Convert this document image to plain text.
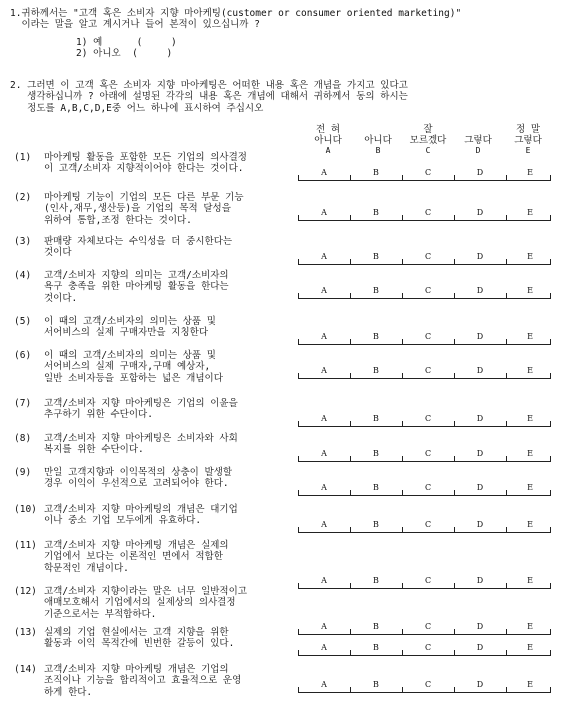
1.귀하께서는 "고객 혹은 소비자 지향 마아케팅(customer or consumer oriented marketing)"
이라는 말을 알고 계시거나 들어 본적이 있으십니까 ?
1) 예      (     )
2) 아니오  (     )
2. 그러면 이 고객 혹은 소비자 지향 마아케팅은 어떠한 내용 혹은 개념을 가지고 있다고
생각하십니까 ? 아래에 설명된 각각의 내용 혹은 개념에 대해서 귀하께서 동의 하시는
정도를 A,B,C,D,E중 어느 하나에 표시하여 주십시오
전 혀
아니다
A
아니다
B
잘
모르겠다
C
그렇다
D
정 말
그렇다
E
(1)	마아케팅 활동을 포함한 모든 기업의 의사결정
이 고객/소비자 지향적이어야 한다는 것이다.	A	B	C	D	E
(2)	마아케팅 기능이 기업의 모든 다른 부문 기능
(인사,재무,생산등)을 기업의 목적 달성을
위하여 통합,조정 한다는 것이다.
A	B	C	D	E
(3)	판매량 자체보다는 수익성을 더 중시한다는
것이다	A	B	C	D	E
(4)	고객/소비자 지향의 의미는 고객/소비자의
욕구 충족을 위한 마아케팅 활동을 한다는
것이다.
A	B	C	D	E
(5)	이 때의 고객/소비자의 의미는 상품 및
서어비스의 실제 구매자만을 지칭한다	A	B	C	D	E
(6)	이 때의 고객/소비자의 의미는 상품 및
서어비스의 실제 구매자,구매 예상자,
일반 소비자등을 포함하는 넓은 개념이다
A	B	C	D	E
(7)	고객/소비자 지향 마아케팅은 기업의 이윤을
추구하기 위한 수단이다.	A	B	C	D	E
(8)	고객/소비자 지향 마아케팅은 소비자와 사회
복지를 위한 수단이다.	A	B	C	D	E
(9)	만일 고객지향과 이익목적의 상충이 발생할
경우 이익이 우선적으로 고려되어야 한다.	A	B	C	D	E
(10) 고객/소비자 지향 마아케팅의 개념은 대기업
이나 중소 기업 모두에게 유효하다.	A	B	C	D	E
(11) 고객/소비자 지향 마아케팅 개념은 실제의
기업에서 보다는 이론적인 면에서 적합한
학문적인 개념이다.
A	B	C	D	E
(12) 고객/소비자 지향이라는 말은 너무 일반적이고
애매모호해서 기업에서의 실제상의 의사결정
기준으로서는 부적합하다.
A	B	C	D	E
(13) 실제의 기업 현실에서는 고객 지향을 위한
활동과 이익 목적간에 빈번한 갈등이 있다.	A	B	C	D	E
(14) 고객/소비자 지향 마아케팅 개념은 기업의
조직이나 기능을 합리적이고 효율적으로 운영
하게 한다.
A	B	C	D	E
